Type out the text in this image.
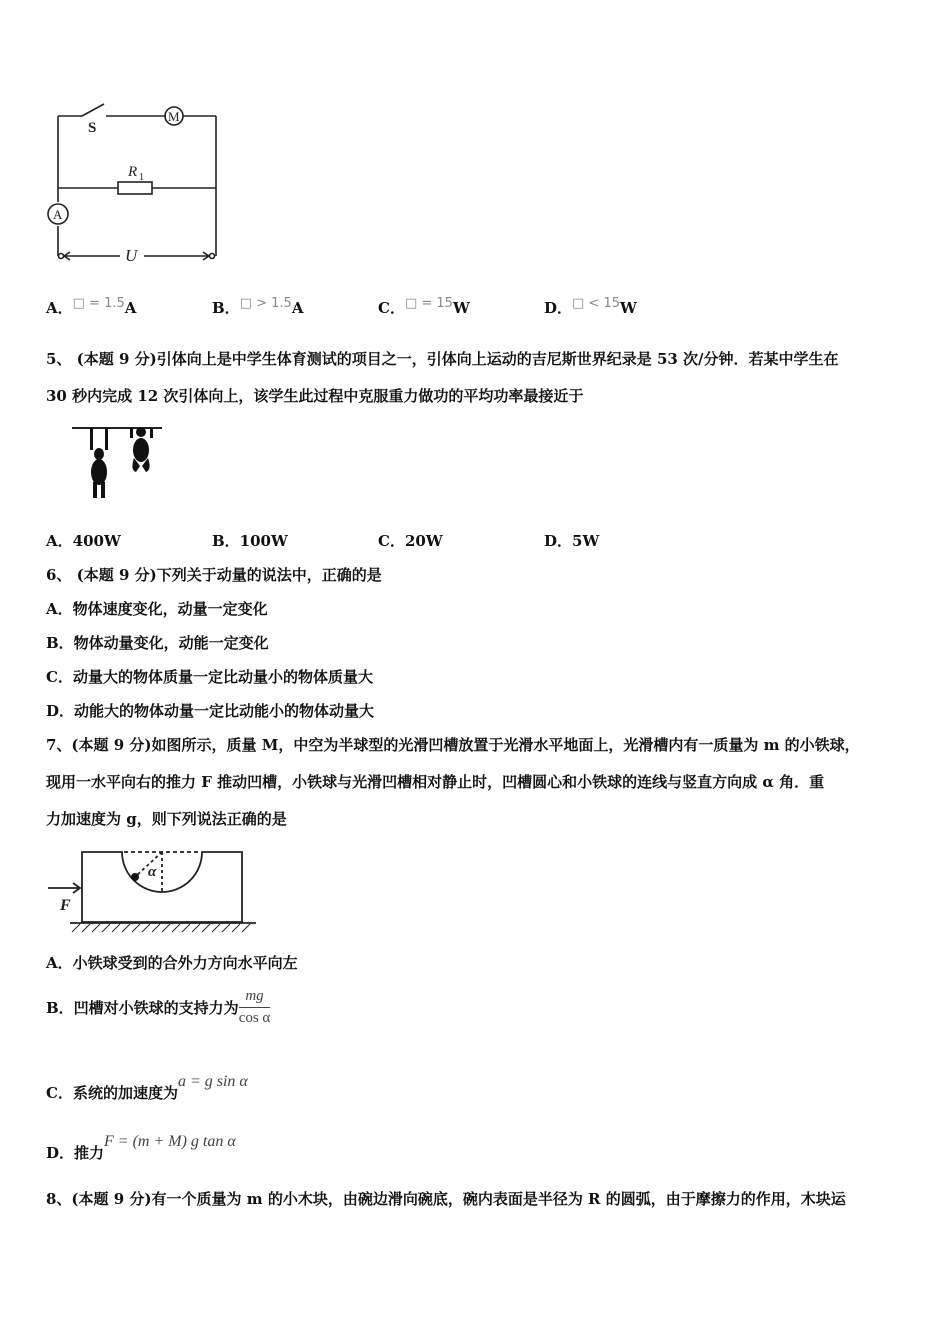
S
M
R 1
A
U
A．$^{□ = 1.5}$A	B．$^{□ > 1.5}$A	C．$^{□ = 15}$W	D．$^{□ < 15}$W
5、 (本题 9 分)引体向上是中学生体育测试的项目之一，引体向上运动的吉尼斯世界纪录是 53 次/分钟．若某中学生在
30 秒内完成 12 次引体向上，该学生此过程中克服重力做功的平均功率最接近于
A．400W	B．100W	C．20W	D．5W
6、 (本题 9 分)下列关于动量的说法中，正确的是
A．物体速度变化，动量一定变化
B．物体动量变化，动能一定变化
C．动量大的物体质量一定比动量小的物体质量大
D．动能大的物体动量一定比动能小的物体动量大
7、(本题 9 分)如图所示，质量 M，中空为半球型的光滑凹槽放置于光滑水平地面上，光滑槽内有一质量为 m 的小铁球，
现用一水平向右的推力 F 推动凹槽，小铁球与光滑凹槽相对静止时，凹槽圆心和小铁球的连线与竖直方向成 α 角．重
力加速度为 g，则下列说法正确的是
F
α
A．小铁球受到的合外力方向水平向左
B．凹槽对小铁球的支持力为 $\frac{mg}{\text{cos α}}$
C．系统的加速度为a = g sin α
D．推力F = (m + M) g tan α
8、(本题 9 分)有一个质量为 m 的小木块，由碗边滑向碗底，碗内表面是半径为 R 的圆弧，由于摩擦力的作用，木块运
